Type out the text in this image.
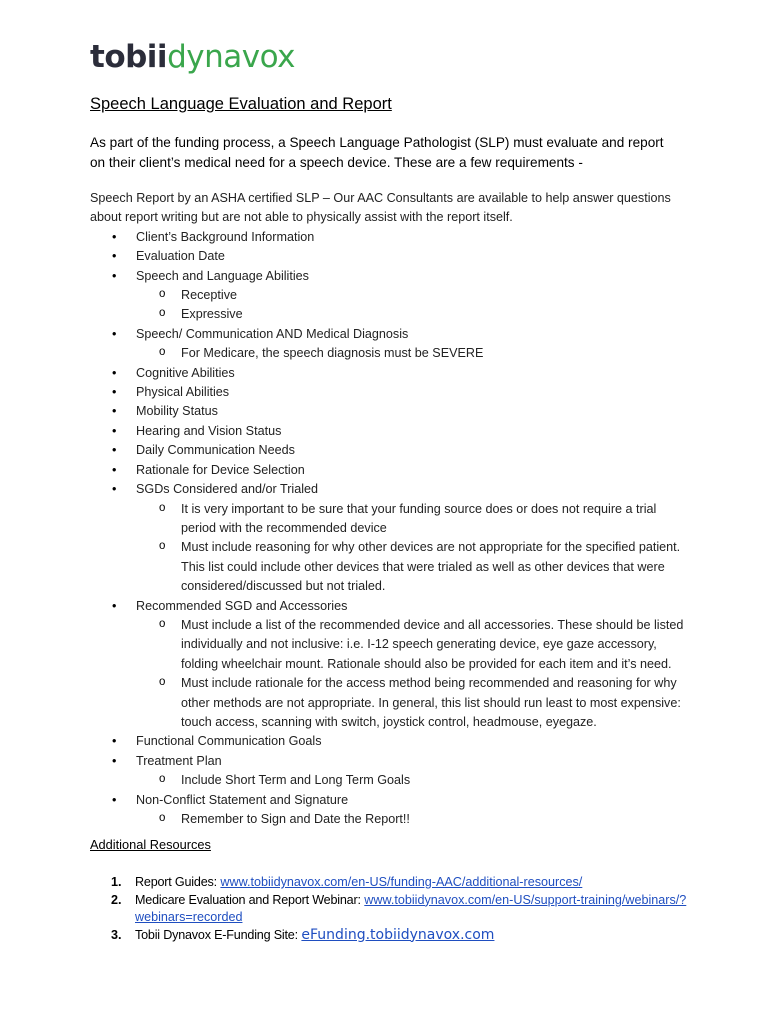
tobiidynavox
Speech Language Evaluation and Report
As part of the funding process, a Speech Language Pathologist (SLP) must evaluate and report on their client’s medical need for a speech device. These are a few requirements -

Speech Report by an ASHA certified SLP – Our AAC Consultants are available to help answer questions about report writing but are not able to physically assist with the report itself.

• Client’s Background Information
• Evaluation Date
• Speech and Language Abilities
o Receptive
o Expressive
• Speech/ Communication AND Medical Diagnosis
o For Medicare, the speech diagnosis must be SEVERE
• Cognitive Abilities
• Physical Abilities
• Mobility Status
• Hearing and Vision Status
• Daily Communication Needs
• Rationale for Device Selection
• SGDs Considered and/or Trialed
o It is very important to be sure that your funding source does or does not require a trial period with the recommended device
o Must include reasoning for why other devices are not appropriate for the specified patient. This list could include other devices that were trialed as well as other devices that were considered/discussed but not trialed.
• Recommended SGD and Accessories
o Must include a list of the recommended device and all accessories. These should be listed individually and not inclusive: i.e. I-12 speech generating device, eye gaze accessory, folding wheelchair mount. Rationale should also be provided for each item and it’s need.
o Must include rationale for the access method being recommended and reasoning for why other methods are not appropriate. In general, this list should run least to most expensive: touch access, scanning with switch, joystick control, headmouse, eyegaze.
• Functional Communication Goals
• Treatment Plan
o Include Short Term and Long Term Goals
• Non-Conflict Statement and Signature
o Remember to Sign and Date the Report!!
Additional Resources
1. Report Guides: www.tobiidynavox.com/en-US/funding-AAC/additional-resources/
2. Medicare Evaluation and Report Webinar: www.tobiidynavox.com/en-US/support-training/webinars/?webinars=recorded
3. Tobii Dynavox E-Funding Site: eFunding.tobiidynavox.com
